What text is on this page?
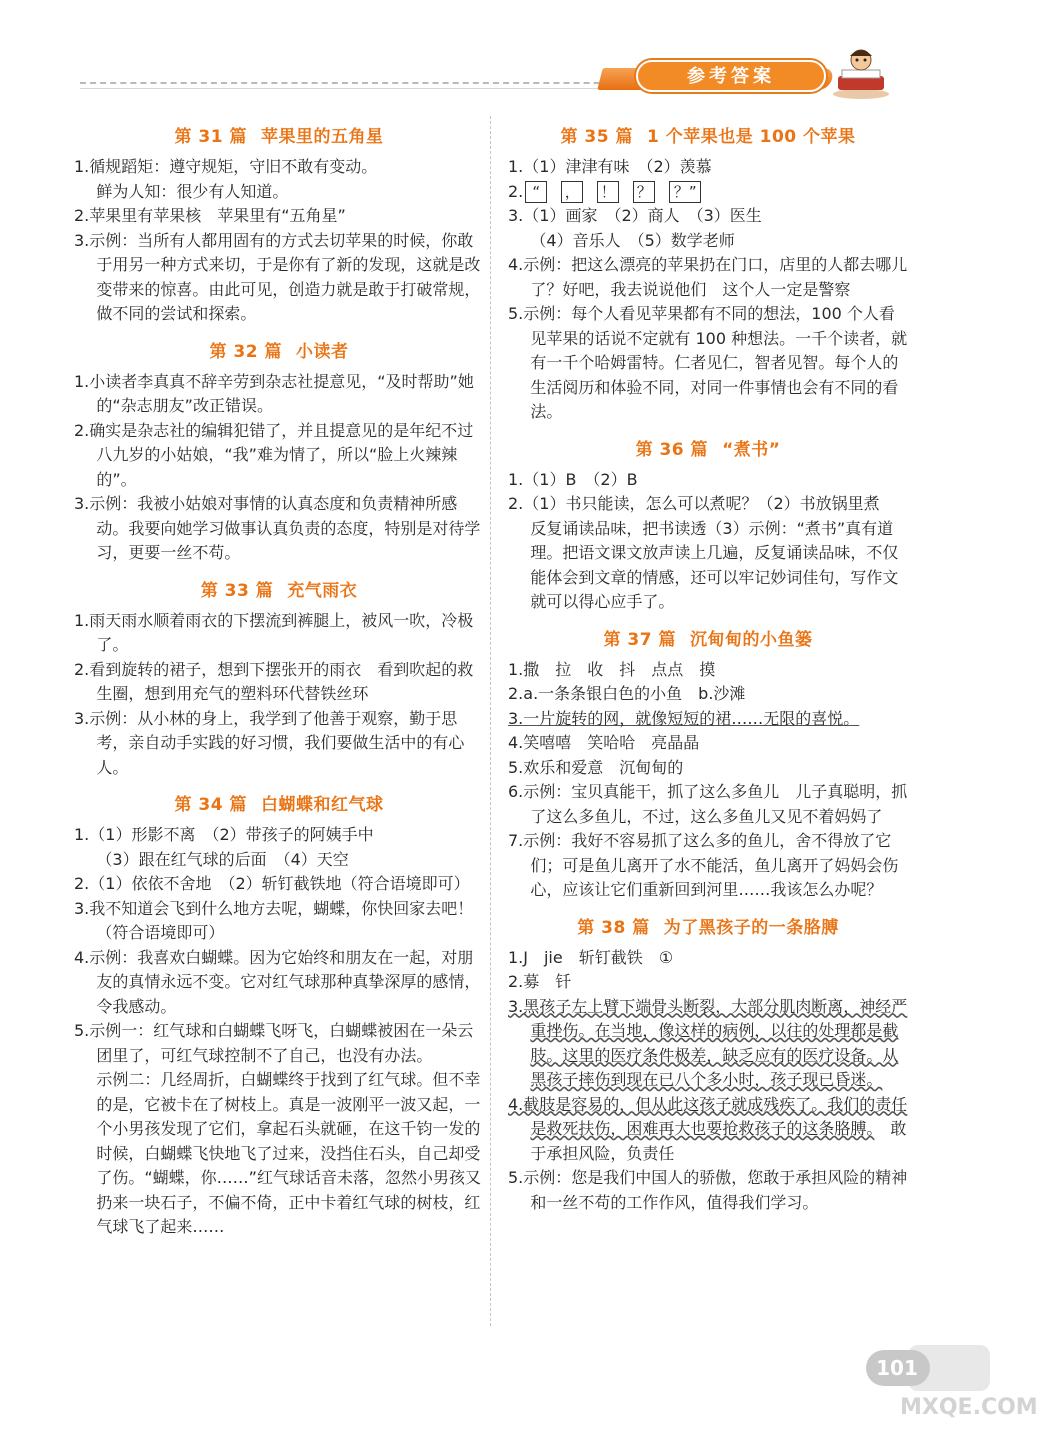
参考答案
第 31 篇 苹果里的五角星

1.循规蹈矩：遵守规矩，守旧不敢有变动。

鲜为人知：很少有人知道。

2.苹果里有苹果核　苹果里有“五角星”

3.示例：当所有人都用固有的方式去切苹果的时候，你敢于用另一种方式来切，于是你有了新的发现，这就是改变带来的惊喜。由此可见，创造力就是敢于打破常规，做不同的尝试和探索。

第 32 篇 小读者

1.小读者李真真不辞辛劳到杂志社提意见，“及时帮助”她的“杂志朋友”改正错误。

2.确实是杂志社的编辑犯错了，并且提意见的是年纪不过八九岁的小姑娘，“我”难为情了，所以“脸上火辣辣的”。

3.示例：我被小姑娘对事情的认真态度和负责精神所感动。我要向她学习做事认真负责的态度，特别是对待学习，更要一丝不苟。

第 33 篇 充气雨衣

1.雨天雨水顺着雨衣的下摆流到裤腿上，被风一吹，冷极了。

2.看到旋转的裙子，想到下摆张开的雨衣　看到吹起的救生圈，想到用充气的塑料环代替铁丝环

3.示例：从小林的身上，我学到了他善于观察，勤于思考，亲自动手实践的好习惯，我们要做生活中的有心人。

第 34 篇 白蝴蝶和红气球

1.（1）形影不离　（2）带孩子的阿姨手中

（3）跟在红气球的后面　（4）天空

2.（1）依依不舍地　（2）斩钉截铁地（符合语境即可）

3.我不知道会飞到什么地方去呢，蝴蝶，你快回家去吧！（符合语境即可）

4.示例：我喜欢白蝴蝶。因为它始终和朋友在一起，对朋友的真情永远不变。它对红气球那种真挚深厚的感情，令我感动。

5.示例一：红气球和白蝴蝶飞呀飞，白蝴蝶被困在一朵云团里了，可红气球控制不了自己，也没有办法。

示例二：几经周折，白蝴蝶终于找到了红气球。但不幸的是，它被卡在了树枝上。真是一波刚平一波又起，一个小男孩发现了它们，拿起石头就砸，在这千钧一发的时候，白蝴蝶飞快地飞了过来，没挡住石头，自己却受了伤。“蝴蝶，你……”红气球话音未落，忽然小男孩又扔来一块石子，不偏不倚，正中卡着红气球的树枝，红气球飞了起来……

第 35 篇 1 个苹果也是 100 个苹果

1.（1）津津有味　（2）羡慕

2. “ ， ！ ？ ？”

3.（1）画家　（2）商人　（3）医生

（4）音乐人　（5）数学老师

4.示例：把这么漂亮的苹果扔在门口，店里的人都去哪儿了？好吧，我去说说他们　这个人一定是警察

5.示例：每个人看见苹果都有不同的想法，100 个人看见苹果的话说不定就有 100 种想法。一千个读者，就有一千个哈姆雷特。仁者见仁，智者见智。每个人的生活阅历和体验不同，对同一件事情也会有不同的看法。

第 36 篇 “煮书”

1.（1）B　（2）B

2.（1）书只能读，怎么可以煮呢？（2）书放锅里煮　反复诵读品味，把书读透（3）示例：“煮书”真有道理。把语文课文放声读上几遍，反复诵读品味，不仅能体会到文章的情感，还可以牢记妙词佳句，写作文就可以得心应手了。

第 37 篇 沉甸甸的小鱼篓

1.撒　拉　收　抖　点点　摸

2.a.一条条银白色的小鱼　b.沙滩

3.一片旋转的网，就像短短的裙……无限的喜悦。

4.笑嘻嘻　笑哈哈　亮晶晶

5.欢乐和爱意　沉甸甸的

6.示例：宝贝真能干，抓了这么多鱼儿　儿子真聪明，抓了这么多鱼儿，不过，这么多鱼儿又见不着妈妈了

7.示例：我好不容易抓了这么多的鱼儿，舍不得放了它们；可是鱼儿离开了水不能活，鱼儿离开了妈妈会伤心，应该让它们重新回到河里……我该怎么办呢？

第 38 篇 为了黑孩子的一条胳膊

1.J　jie　斩钉截铁　①

2.募　钎

3.黑孩子左上臂下端骨头断裂，大部分肌肉断离，神经严重挫伤。在当地，像这样的病例，以往的处理都是截肢。这里的医疗条件极差，缺乏应有的医疗设备。从黑孩子摔伤到现在已八个多小时，孩子现已昏迷。

4.截肢是容易的，但从此这孩子就成残疾了。我们的责任是救死扶伤，困难再大也要抢救孩子的这条胳膊。　敢于承担风险，负责任

5.示例：您是我们中国人的骄傲，您敢于承担风险的精神和一丝不苟的工作作风，值得我们学习。

101
MXQE.COM
